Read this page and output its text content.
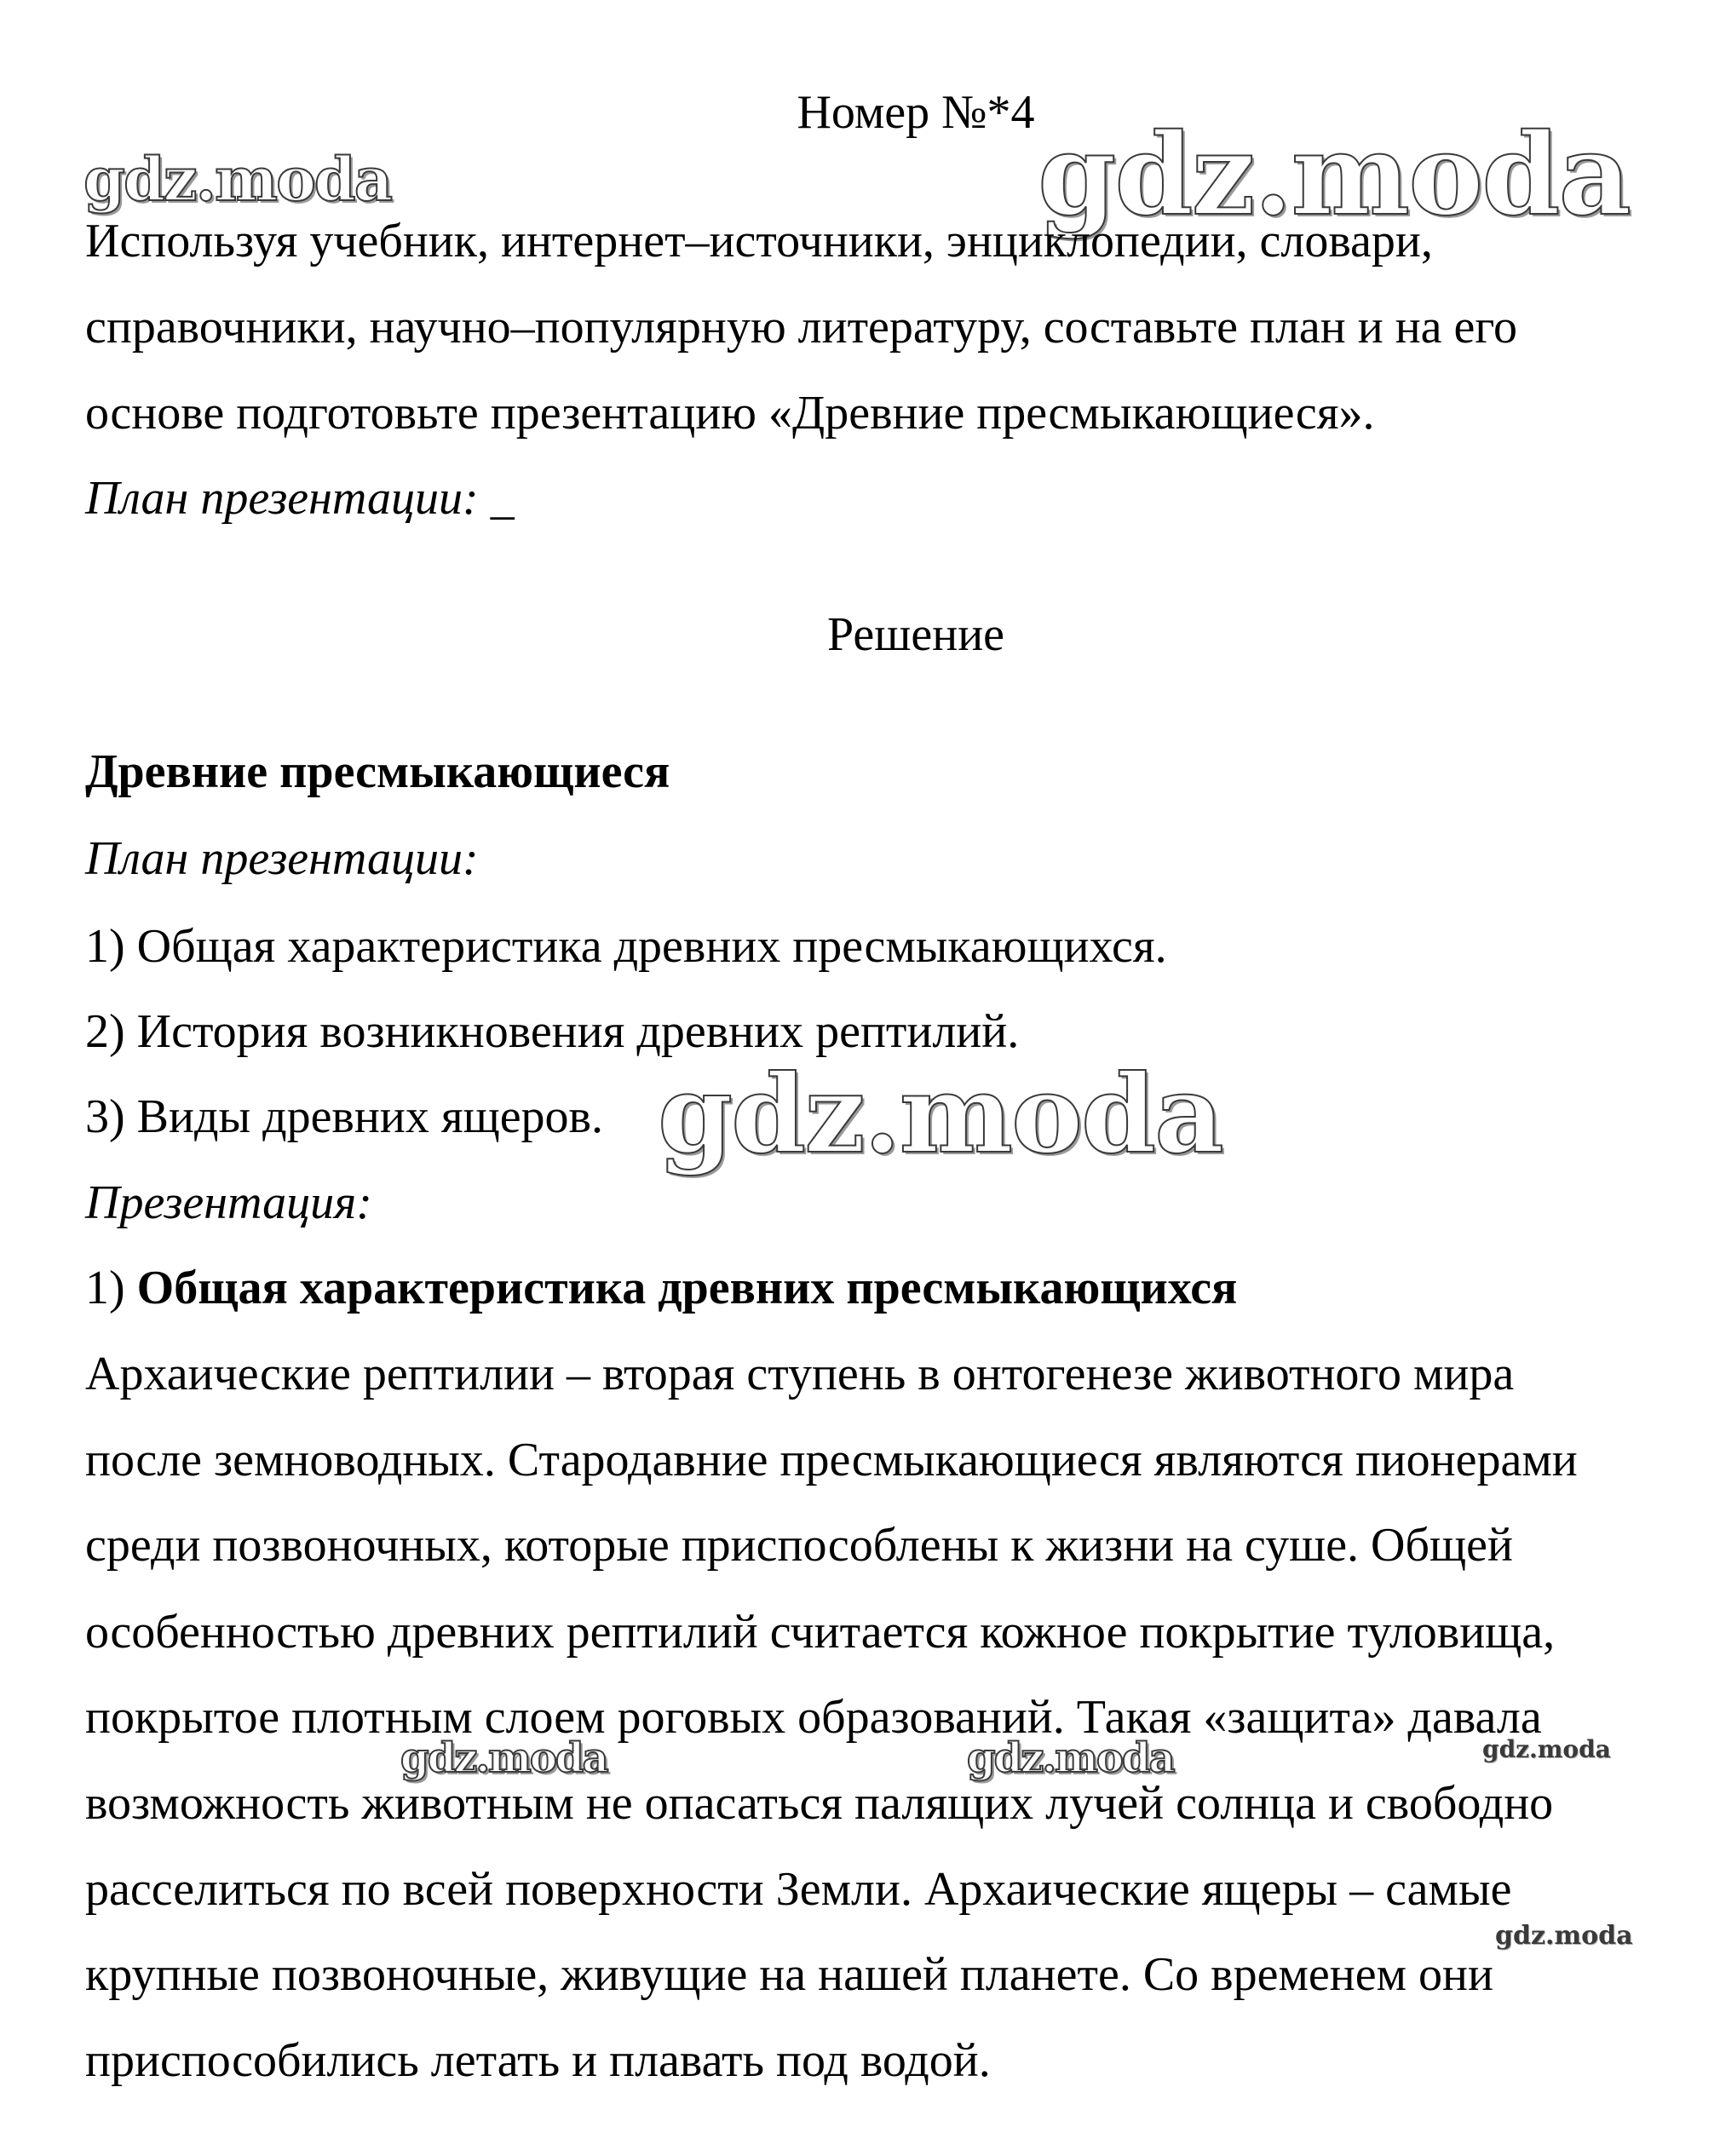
gdz.moda	gdz.moda
gdz.moda
gdz.moda	gdz.moda	gdz.moda
gdz.moda
Номер №*4
Используя учебник, интернет‒источники, энциклопедии, словари,
справочники, научно‒популярную литературу, составьте план и на его
основе подготовьте презентацию «Древние пресмыкающиеся».
План презентации: _
Решение
Древние пресмыкающиеся
План презентации:
1) Общая характеристика древних пресмыкающихся.
2) История возникновения древних рептилий.
3) Виды древних ящеров.
Презентация:
1) Общая характеристика древних пресмыкающихся
Архаические рептилии – вторая ступень в онтогенезе животного мира
после земноводных. Стародавние пресмыкающиеся являются пионерами
среди позвоночных, которые приспособлены к жизни на суше. Общей
особенностью древних рептилий считается кожное покрытие туловища,
покрытое плотным слоем роговых образований. Такая «защита» давала
возможность животным не опасаться палящих лучей солнца и свободно
расселиться по всей поверхности Земли. Архаические ящеры – самые
крупные позвоночные, живущие на нашей планете. Со временем они
приспособились летать и плавать под водой.
